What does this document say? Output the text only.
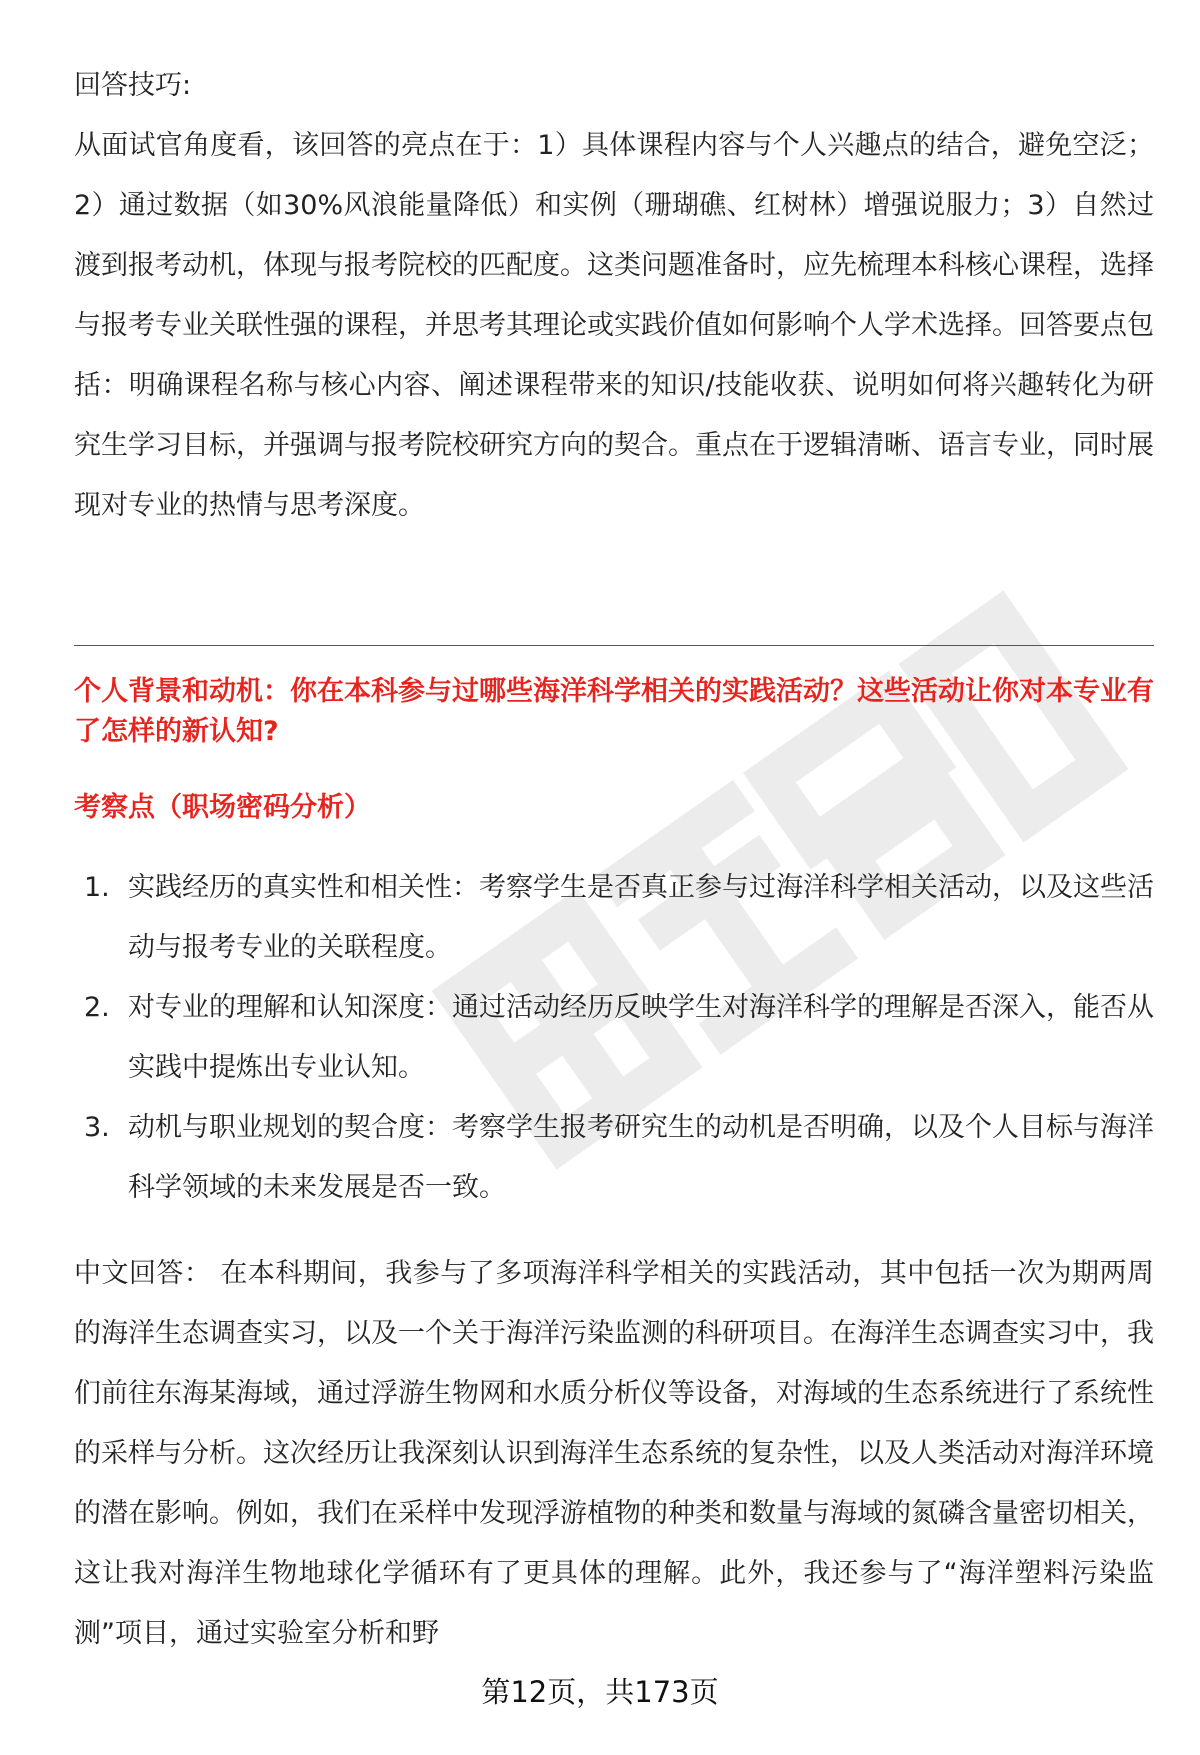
回答技巧:

从面试官角度看，该回答的亮点在于：1）具体课程内容与个人兴趣点的结合，避免空泛；2）通过数据（如30%风浪能量降低）和实例（珊瑚礁、红树林）增强说服力；3）自然过渡到报考动机，体现与报考院校的匹配度。这类问题准备时，应先梳理本科核心课程，选择与报考专业关联性强的课程，并思考其理论或实践价值如何影响个人学术选择。回答要点包括：明确课程名称与核心内容、阐述课程带来的知识/技能收获、说明如何将兴趣转化为研究生学习目标，并强调与报考院校研究方向的契合。重点在于逻辑清晰、语言专业，同时展现对专业的热情与思考深度。

个人背景和动机：你在本科参与过哪些海洋科学相关的实践活动？这些活动让你对本专业有了怎样的新认知?

考察点（职场密码分析）

1. 实践经历的真实性和相关性：考察学生是否真正参与过海洋科学相关活动，以及这些活动与报考专业的关联程度。
2. 对专业的理解和认知深度：通过活动经历反映学生对海洋科学的理解是否深入，能否从实践中提炼出专业认知。
3. 动机与职业规划的契合度：考察学生报考研究生的动机是否明确，以及个人目标与海洋科学领域的未来发展是否一致。

中文回答： 在本科期间，我参与了多项海洋科学相关的实践活动，其中包括一次为期两周的海洋生态调查实习，以及一个关于海洋污染监测的科研项目。在海洋生态调查实习中，我们前往东海某海域，通过浮游生物网和水质分析仪等设备，对海域的生态系统进行了系统性的采样与分析。这次经历让我深刻认识到海洋生态系统的复杂性，以及人类活动对海洋环境的潜在影响。例如，我们在采样中发现浮游植物的种类和数量与海域的氮磷含量密切相关，这让我对海洋生物地球化学循环有了更具体的理解。此外，我还参与了“海洋塑料污染监测”项目，通过实验室分析和野

第12页，共173页
